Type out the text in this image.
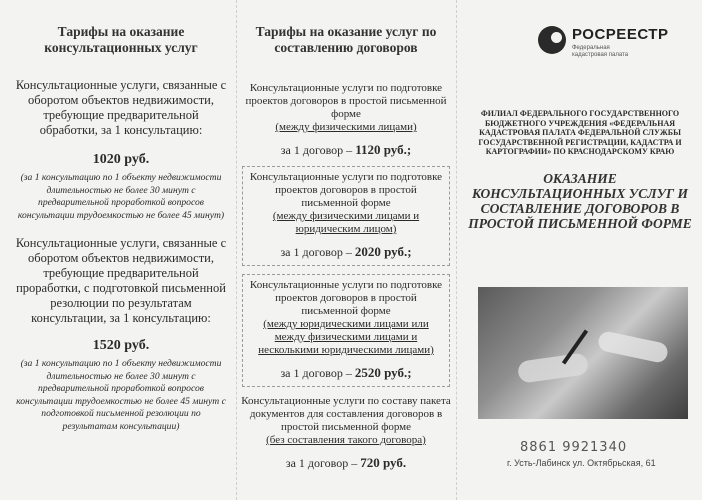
Тарифы на оказание консультационных услуг

Консультационные услуги, связанные с оборотом объектов недвижимости, требующие предварительной обработки, за 1 консультацию:

1020 руб.

(за 1 консультацию по 1 объекту недвижимости длительностью не более 30 минут с предварительной проработкой вопросов консультации трудоемкостью не более 45 минут)

Консультационные услуги, связанные с оборотом объектов недвижимости, требующие предварительной проработки, с подготовкой письменной резолюции по результатам консультации, за 1 консультацию:

1520 руб.

(за 1 консультацию по 1 объекту недвижимости длительностью не более 30 минут с предварительной проработкой вопросов консультации трудоемкостью не более 45 минут с подготовкой письменной резолюции по результатам консультации)

Тарифы на оказание услуг по составлению договоров

Консультационные услуги по подготовке проектов договоров в простой письменной форме

(между физическими лицами)

за 1 договор – 1120 руб.;

Консультационные услуги по подготовке проектов договоров в простой письменной форме

(между физическими лицами и юридическим лицом)

за 1 договор – 2020 руб.;

Консультационные услуги по подготовке проектов договоров в простой письменной форме

(между юридическими лицами или между физическими лицами и несколькими юридическими лицами)

за 1 договор – 2520 руб.;

Консультационные услуги по составу пакета документов для составления договоров в простой письменной форме

(без составления такого договора)

за 1 договор – 720 руб.
РОСРЕЕСТР
Федеральная кадастровая палата
ФИЛИАЛ ФЕДЕРАЛЬНОГО ГОСУДАРСТВЕННОГО БЮДЖЕТНОГО УЧРЕЖДЕНИЯ «ФЕДЕРАЛЬНАЯ КАДАСТРОВАЯ ПАЛАТА ФЕДЕРАЛЬНОЙ СЛУЖБЫ ГОСУДАРСТВЕННОЙ РЕГИСТРАЦИИ, КАДАСТРА И КАРТОГРАФИИ» ПО КРАСНОДАРСКОМУ КРАЮ
ОКАЗАНИЕ КОНСУЛЬТАЦИОННЫХ УСЛУГ И СОСТАВЛЕНИЕ ДОГОВОРОВ В ПРОСТОЙ ПИСЬМЕННОЙ ФОРМЕ
8861 9921340
г. Усть-Лабинск ул. Октябрьская, 61
